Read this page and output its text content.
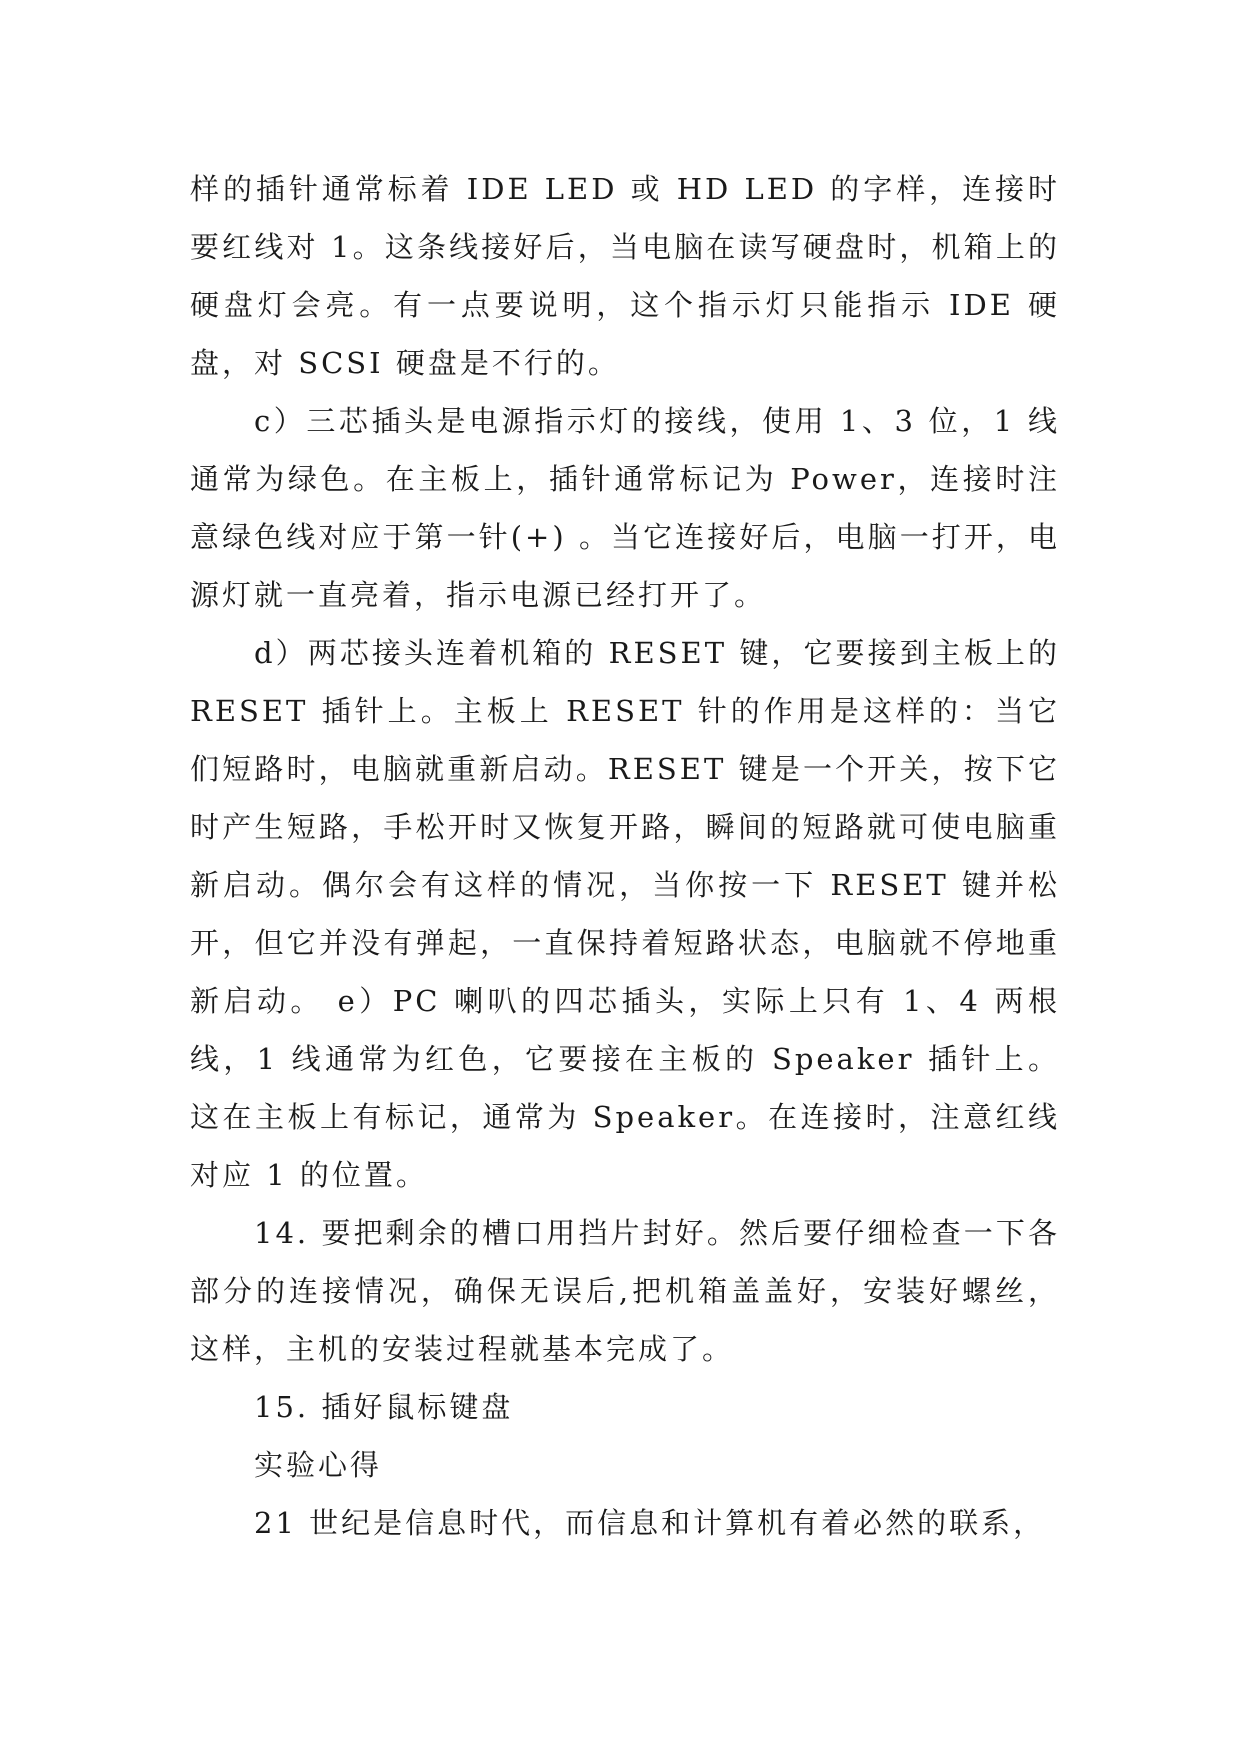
样的插针通常标着 IDE LED 或 HD LED 的字样，连接时要红线对 1。这条线接好后，当电脑在读写硬盘时，机箱上的硬盘灯会亮。有一点要说明，这个指示灯只能指示 IDE 硬盘，对 SCSI 硬盘是不行的。

c）三芯插头是电源指示灯的接线，使用 1、3 位，1 线通常为绿色。在主板上，插针通常标记为 Power，连接时注意绿色线对应于第一针(+) 。当它连接好后，电脑一打开，电源灯就一直亮着，指示电源已经打开了。

d）两芯接头连着机箱的 RESET 键，它要接到主板上的 RESET 插针上。主板上 RESET 针的作用是这样的：当它们短路时，电脑就重新启动。RESET 键是一个开关，按下它时产生短路，手松开时又恢复开路，瞬间的短路就可使电脑重新启动。偶尔会有这样的情况，当你按一下 RESET 键并松开，但它并没有弹起，一直保持着短路状态，电脑就不停地重新启动。 e）PC 喇叭的四芯插头，实际上只有 1、4 两根线，1 线通常为红色，它要接在主板的 Speaker 插针上。这在主板上有标记，通常为 Speaker。在连接时，注意红线对应 1 的位置。

14. 要把剩余的槽口用挡片封好。然后要仔细检查一下各部分的连接情况，确保无误后,把机箱盖盖好，安装好螺丝，这样，主机的安装过程就基本完成了。

15. 插好鼠标键盘

实验心得

21 世纪是信息时代，而信息和计算机有着必然的联系，
